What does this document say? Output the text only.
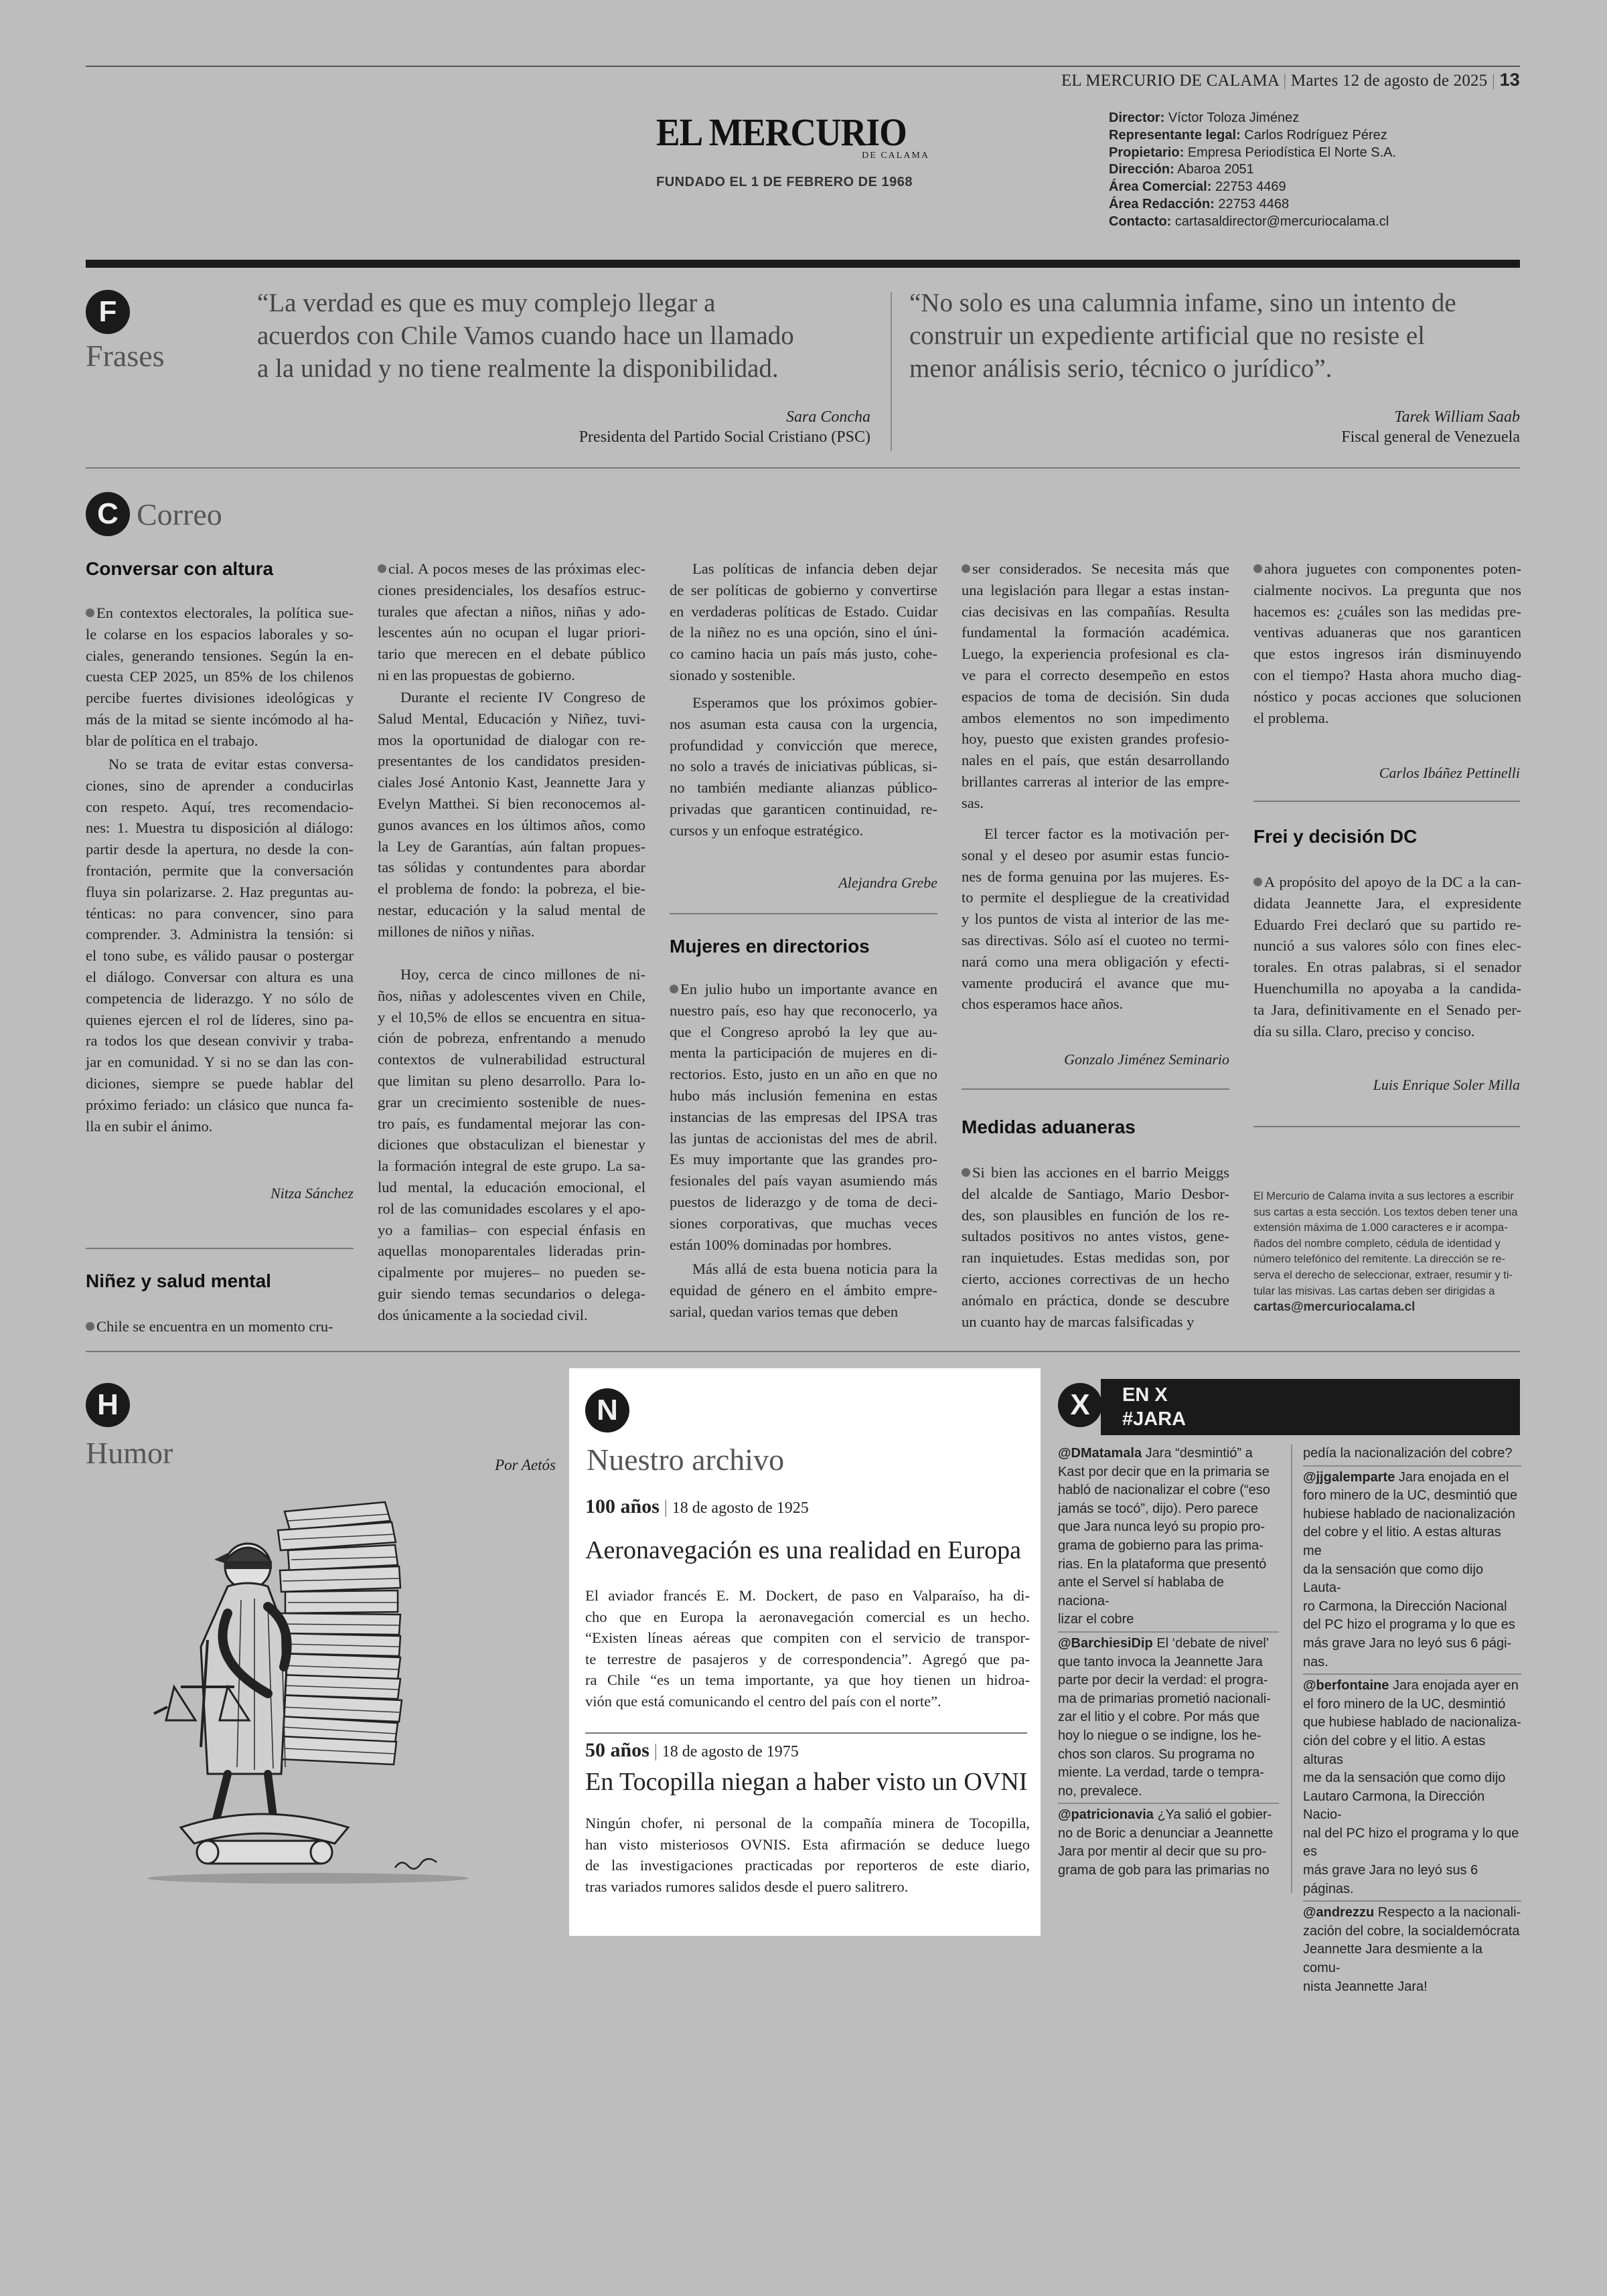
EL MERCURIO DE CALAMA | Martes 12 de agosto de 2025 | 13
EL MERCURIO
DE CALAMA
FUNDADO EL 1 DE FEBRERO DE 1968
Director: Víctor Toloza Jiménez
Representante legal: Carlos Rodríguez Pérez
Propietario: Empresa Periodística El Norte S.A.
Dirección: Abaroa 2051
Área Comercial: 22753 4469
Área Redacción: 22753 4468
Contacto: cartasaldirector@mercuriocalama.cl
F
Frases
“La verdad es que es muy complejo llegar a
acuerdos con Chile Vamos cuando hace un llamado
a la unidad y no tiene realmente la disponibilidad.
Sara Concha
Presidenta del Partido Social Cristiano (PSC)
“No solo es una calumnia infame, sino un intento de
construir un expediente artificial que no resiste el
menor análisis serio, técnico o jurídico”.
Tarek William Saab
Fiscal general de Venezuela
C Correo
Conversar con altura
En contextos electorales, la política sue-
le colarse en los espacios laborales y so-
ciales, generando tensiones. Según la en-
cuesta CEP 2025, un 85% de los chilenos
percibe fuertes divisiones ideológicas y
más de la mitad se siente incómodo al ha-
blar de política en el trabajo.
No se trata de evitar estas conversa-
ciones, sino de aprender a conducirlas
con respeto. Aquí, tres recomendacio-
nes: 1. Muestra tu disposición al diálogo:
partir desde la apertura, no desde la con-
frontación, permite que la conversación
fluya sin polarizarse. 2. Haz preguntas au-
ténticas: no para convencer, sino para
comprender. 3. Administra la tensión: si
el tono sube, es válido pausar o postergar
el diálogo. Conversar con altura es una
competencia de liderazgo. Y no sólo de
quienes ejercen el rol de líderes, sino pa-
ra todos los que desean convivir y traba-
jar en comunidad. Y si no se dan las con-
diciones, siempre se puede hablar del
próximo feriado: un clásico que nunca fa-
lla en subir el ánimo.
Nitza Sánchez
Niñez y salud mental
Chile se encuentra en un momento cru-
cial. A pocos meses de las próximas elec-
ciones presidenciales, los desafíos estruc-
turales que afectan a niños, niñas y ado-
lescentes aún no ocupan el lugar priori-
tario que merecen en el debate público
ni en las propuestas de gobierno.
Durante el reciente IV Congreso de
Salud Mental, Educación y Niñez, tuvi-
mos la oportunidad de dialogar con re-
presentantes de los candidatos presiden-
ciales José Antonio Kast, Jeannette Jara y
Evelyn Matthei. Si bien reconocemos al-
gunos avances en los últimos años, como
la Ley de Garantías, aún faltan propues-
tas sólidas y contundentes para abordar
el problema de fondo: la pobreza, el bie-
nestar, educación y la salud mental de
millones de niños y niñas.
Hoy, cerca de cinco millones de ni-
ños, niñas y adolescentes viven en Chile,
y el 10,5% de ellos se encuentra en situa-
ción de pobreza, enfrentando a menudo
contextos de vulnerabilidad estructural
que limitan su pleno desarrollo. Para lo-
grar un crecimiento sostenible de nues-
tro país, es fundamental mejorar las con-
diciones que obstaculizan el bienestar y
la formación integral de este grupo. La sa-
lud mental, la educación emocional, el
rol de las comunidades escolares y el apo-
yo a familias– con especial énfasis en
aquellas monoparentales lideradas prin-
cipalmente por mujeres– no pueden se-
guir siendo temas secundarios o delega-
dos únicamente a la sociedad civil.
Las políticas de infancia deben dejar
de ser políticas de gobierno y convertirse
en verdaderas políticas de Estado. Cuidar
de la niñez no es una opción, sino el úni-
co camino hacia un país más justo, cohe-
sionado y sostenible.
Esperamos que los próximos gobier-
nos asuman esta causa con la urgencia,
profundidad y convicción que merece,
no solo a través de iniciativas públicas, si-
no también mediante alianzas público-
privadas que garanticen continuidad, re-
cursos y un enfoque estratégico.
Alejandra Grebe
Mujeres en directorios
En julio hubo un importante avance en
nuestro país, eso hay que reconocerlo, ya
que el Congreso aprobó la ley que au-
menta la participación de mujeres en di-
rectorios. Esto, justo en un año en que no
hubo más inclusión femenina en estas
instancias de las empresas del IPSA tras
las juntas de accionistas del mes de abril.
Es muy importante que las grandes pro-
fesionales del país vayan asumiendo más
puestos de liderazgo y de toma de deci-
siones corporativas, que muchas veces
están 100% dominadas por hombres.
Más allá de esta buena noticia para la
equidad de género en el ámbito empre-
sarial, quedan varios temas que deben
ser considerados. Se necesita más que
una legislación para llegar a estas instan-
cias decisivas en las compañías. Resulta
fundamental la formación académica.
Luego, la experiencia profesional es cla-
ve para el correcto desempeño en estos
espacios de toma de decisión. Sin duda
ambos elementos no son impedimento
hoy, puesto que existen grandes profesio-
nales en el país, que están desarrollando
brillantes carreras al interior de las empre-
sas.
El tercer factor es la motivación per-
sonal y el deseo por asumir estas funcio-
nes de forma genuina por las mujeres. Es-
to permite el despliegue de la creatividad
y los puntos de vista al interior de las me-
sas directivas. Sólo así el cuoteo no termi-
nará como una mera obligación y efecti-
vamente producirá el avance que mu-
chos esperamos hace años.
Gonzalo Jiménez Seminario
Medidas aduaneras
Si bien las acciones en el barrio Meiggs
del alcalde de Santiago, Mario Desbor-
des, son plausibles en función de los re-
sultados positivos no antes vistos, gene-
ran inquietudes. Estas medidas son, por
cierto, acciones correctivas de un hecho
anómalo en práctica, donde se descubre
un cuanto hay de marcas falsificadas y
ahora juguetes con componentes poten-
cialmente nocivos. La pregunta que nos
hacemos es: ¿cuáles son las medidas pre-
ventivas aduaneras que nos garanticen
que estos ingresos irán disminuyendo
con el tiempo? Hasta ahora mucho diag-
nóstico y pocas acciones que solucionen
el problema.
Carlos Ibáñez Pettinelli
Frei y decisión DC
A propósito del apoyo de la DC a la can-
didata Jeannette Jara, el expresidente
Eduardo Frei declaró que su partido re-
nunció a sus valores sólo con fines elec-
torales. En otras palabras, si el senador
Huenchumilla no apoyaba a la candida-
ta Jara, definitivamente en el Senado per-
día su silla. Claro, preciso y conciso.
Luis Enrique Soler Milla
El Mercurio de Calama invita a sus lectores a escribir
sus cartas a esta sección. Los textos deben tener una
extensión máxima de 1.000 caracteres e ir acompa-
ñados del nombre completo, cédula de identidad y
número telefónico del remitente. La dirección se re-
serva el derecho de seleccionar, extraer, resumir y ti-
tular las misivas. Las cartas deben ser dirigidas a
cartas@mercuriocalama.cl
H
Humor	Por Aetós
N
Nuestro archivo
100 años | 18 de agosto de 1925
Aeronavegación es una realidad en Europa
El aviador francés E. M. Dockert, de paso en Valparaíso, ha di-
cho que en Europa la aeronavegación comercial es un hecho.
“Existen líneas aéreas que compiten con el servicio de transpor-
te terrestre de pasajeros y de correspondencia”. Agregó que pa-
ra Chile “es un tema importante, ya que hoy tienen un hidroa-
vión que está comunicando el centro del país con el norte”.
50 años | 18 de agosto de 1975
En Tocopilla niegan a haber visto un OVNI
Ningún chofer, ni personal de la compañía minera de Tocopilla,
han visto misteriosos OVNIS. Esta afirmación se deduce luego
de las investigaciones practicadas por reporteros de este diario,
tras variados rumores salidos desde el puero salitrero.
X	EN X
#JARA
@DMatamala Jara “desmintió” a
Kast por decir que en la primaria se
habló de nacionalizar el cobre (“eso
jamás se tocó”, dijo). Pero parece
que Jara nunca leyó su propio pro-
grama de gobierno para las prima-
rias. En la plataforma que presentó
ante el Servel sí hablaba de naciona-
lizar el cobre
@BarchiesiDip El ‘debate de nivel’
que tanto invoca la Jeannette Jara
parte por decir la verdad: el progra-
ma de primarias prometió nacionali-
zar el litio y el cobre. Por más que
hoy lo niegue o se indigne, los he-
chos son claros. Su programa no
miente. La verdad, tarde o tempra-
no, prevalece.
@patricionavia ¿Ya salió el gobier-
no de Boric a denunciar a Jeannette
Jara por mentir al decir que su pro-
grama de gob para las primarias no
pedía la nacionalización del cobre?
@jjgalemparte Jara enojada en el
foro minero de la UC, desmintió que
hubiese hablado de nacionalización
del cobre y el litio. A estas alturas me
da la sensación que como dijo Lauta-
ro Carmona, la Dirección Nacional
del PC hizo el programa y lo que es
más grave Jara no leyó sus 6 pági-
nas.
@berfontaine Jara enojada ayer en
el foro minero de la UC, desmintió
que hubiese hablado de nacionaliza-
ción del cobre y el litio. A estas alturas
me da la sensación que como dijo
Lautaro Carmona, la Dirección Nacio-
nal del PC hizo el programa y lo que es
más grave Jara no leyó sus 6 páginas.
@andrezzu Respecto a la nacionali-
zación del cobre, la socialdemócrata
Jeannette Jara desmiente a la comu-
nista Jeannette Jara!
